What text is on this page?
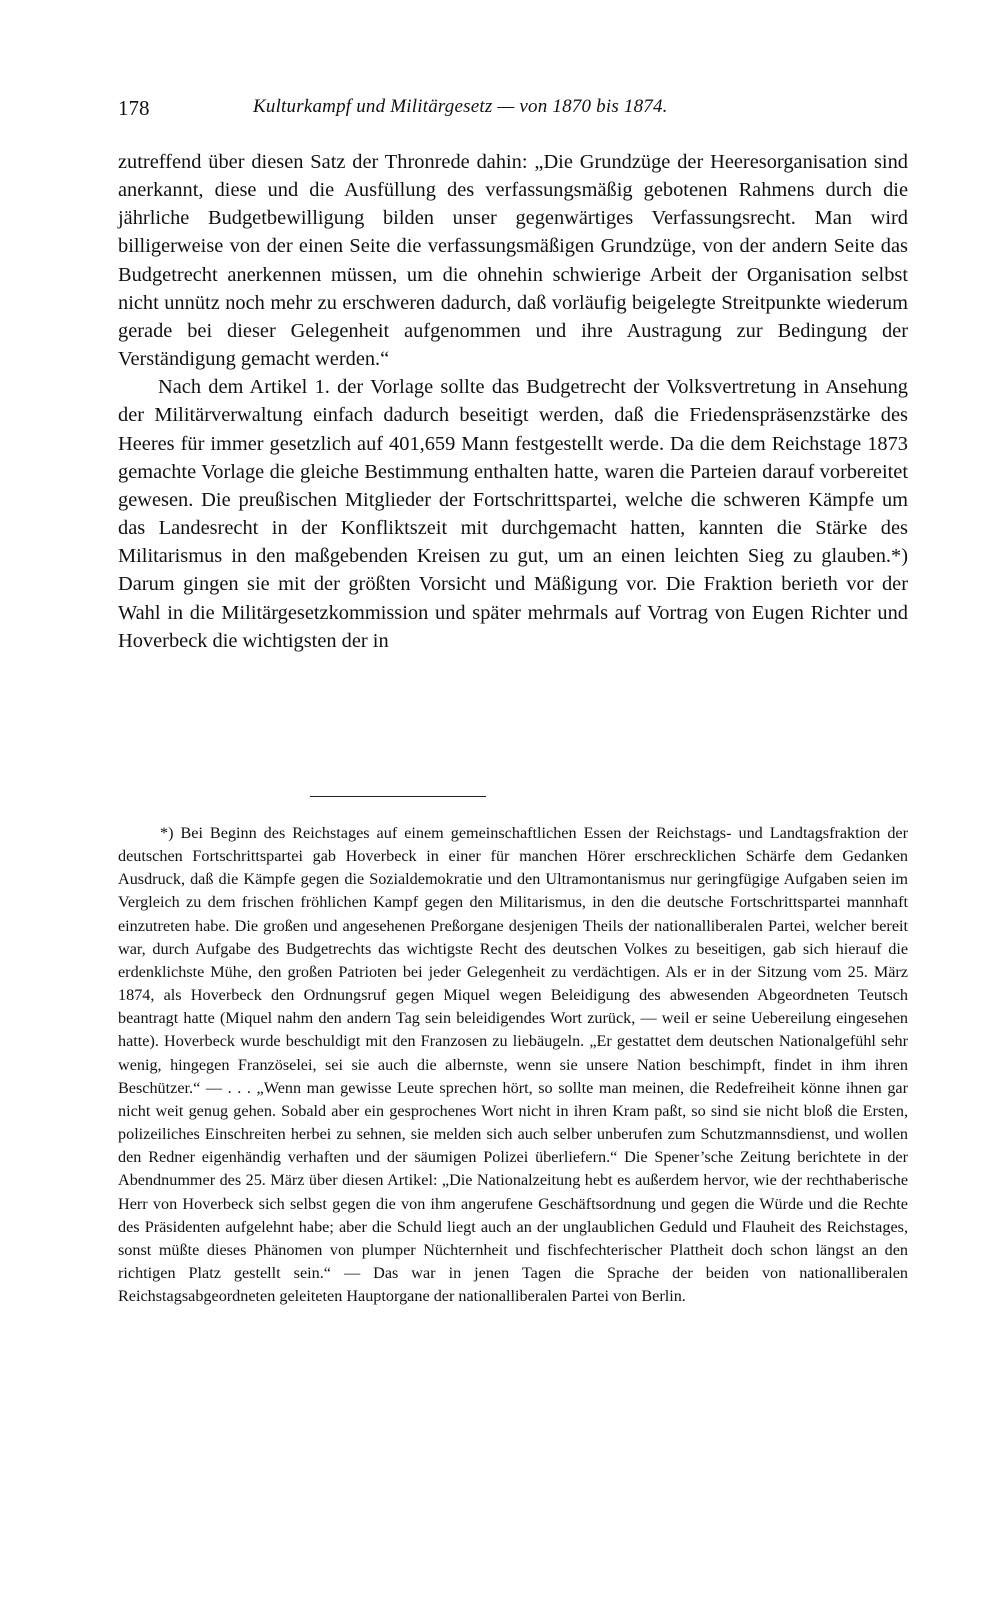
178	Kulturkampf und Militärgesetz — von 1870 bis 1874.

zutreffend über diesen Satz der Thronrede dahin: „Die Grundzüge der Heeresorganisation sind anerkannt, diese und die Ausfüllung des verfassungsmäßig gebotenen Rahmens durch die jährliche Budgetbewilligung bilden unser gegenwärtiges Verfassungsrecht. Man wird billigerweise von der einen Seite die verfassungsmäßigen Grundzüge, von der andern Seite das Budgetrecht anerkennen müssen, um die ohnehin schwierige Arbeit der Organisation selbst nicht unnütz noch mehr zu erschweren dadurch, daß vorläufig beigelegte Streitpunkte wiederum gerade bei dieser Gelegenheit aufgenommen und ihre Austragung zur Bedingung der Verständigung gemacht werden.“

Nach dem Artikel 1. der Vorlage sollte das Budgetrecht der Volksvertretung in Ansehung der Militärverwaltung einfach dadurch beseitigt werden, daß die Friedenspräsenzstärke des Heeres für immer gesetzlich auf 401,659 Mann festgestellt werde. Da die dem Reichstage 1873 gemachte Vorlage die gleiche Bestimmung enthalten hatte, waren die Parteien darauf vorbereitet gewesen. Die preußischen Mitglieder der Fortschrittspartei, welche die schweren Kämpfe um das Landesrecht in der Konfliktszeit mit durchgemacht hatten, kannten die Stärke des Militarismus in den maßgebenden Kreisen zu gut, um an einen leichten Sieg zu glauben.*) Darum gingen sie mit der größten Vorsicht und Mäßigung vor. Die Fraktion berieth vor der Wahl in die Militärgesetzkommission und später mehrmals auf Vortrag von Eugen Richter und Hoverbeck die wichtigsten der in

*) Bei Beginn des Reichstages auf einem gemeinschaftlichen Essen der Reichstags- und Landtagsfraktion der deutschen Fortschrittspartei gab Hoverbeck in einer für manchen Hörer erschrecklichen Schärfe dem Gedanken Ausdruck, daß die Kämpfe gegen die Sozialdemokratie und den Ultramontanismus nur geringfügige Aufgaben seien im Vergleich zu dem frischen fröhlichen Kampf gegen den Militarismus, in den die deutsche Fortschrittspartei mannhaft einzutreten habe. Die großen und angesehenen Preßorgane desjenigen Theils der nationalliberalen Partei, welcher bereit war, durch Aufgabe des Budgetrechts das wichtigste Recht des deutschen Volkes zu beseitigen, gab sich hierauf die erdenklichste Mühe, den großen Patrioten bei jeder Gelegenheit zu verdächtigen. Als er in der Sitzung vom 25. März 1874, als Hoverbeck den Ordnungsruf gegen Miquel wegen Beleidigung des abwesenden Abgeordneten Teutsch beantragt hatte (Miquel nahm den andern Tag sein beleidigendes Wort zurück, — weil er seine Uebereilung eingesehen hatte). Hoverbeck wurde beschuldigt mit den Franzosen zu liebäugeln. „Er gestattet dem deutschen Nationalgefühl sehr wenig, hingegen Französelei, sei sie auch die albernste, wenn sie unsere Nation beschimpft, findet in ihm ihren Beschützer.“ — . . . „Wenn man gewisse Leute sprechen hört, so sollte man meinen, die Redefreiheit könne ihnen gar nicht weit genug gehen. Sobald aber ein gesprochenes Wort nicht in ihren Kram paßt, so sind sie nicht bloß die Ersten, polizeiliches Einschreiten herbei zu sehnen, sie melden sich auch selber unberufen zum Schutzmannsdienst, und wollen den Redner eigenhändig verhaften und der säumigen Polizei überliefern.“ Die Spener’sche Zeitung berichtete in der Abendnummer des 25. März über diesen Artikel: „Die Nationalzeitung hebt es außerdem hervor, wie der rechthaberische Herr von Hoverbeck sich selbst gegen die von ihm angerufene Geschäftsordnung und gegen die Würde und die Rechte des Präsidenten aufgelehnt habe; aber die Schuld liegt auch an der unglaublichen Geduld und Flauheit des Reichstages, sonst müßte dieses Phänomen von plumper Nüchternheit und fischfechterischer Plattheit doch schon längst an den richtigen Platz gestellt sein.“ — Das war in jenen Tagen die Sprache der beiden von nationalliberalen Reichstagsabgeordneten geleiteten Hauptorgane der nationalliberalen Partei von Berlin.
